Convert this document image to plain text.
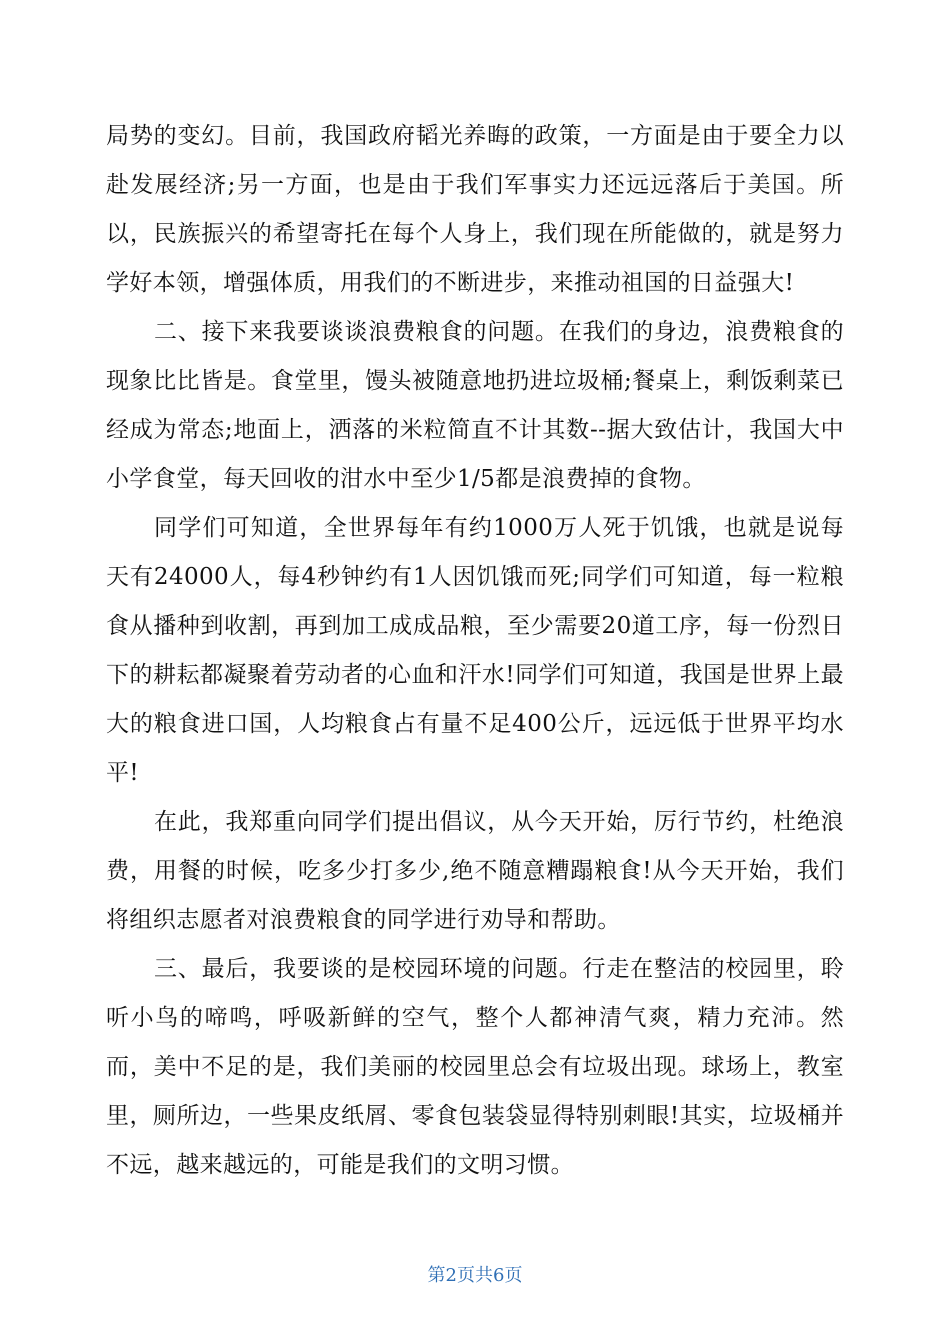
局势的变幻。目前，我国政府韬光养晦的政策，一方面是由于要全力以赴发展经济;另一方面，也是由于我们军事实力还远远落后于美国。所以，民族振兴的希望寄托在每个人身上，我们现在所能做的，就是努力学好本领，增强体质，用我们的不断进步，来推动祖国的日益强大!

二、接下来我要谈谈浪费粮食的问题。在我们的身边，浪费粮食的现象比比皆是。食堂里，馒头被随意地扔进垃圾桶;餐桌上，剩饭剩菜已经成为常态;地面上，洒落的米粒简直不计其数--据大致估计，我国大中小学食堂，每天回收的泔水中至少1/5都是浪费掉的食物。

同学们可知道，全世界每年有约1000万人死于饥饿，也就是说每天有24000人，每4秒钟约有1人因饥饿而死;同学们可知道，每一粒粮食从播种到收割，再到加工成成品粮，至少需要20道工序，每一份烈日下的耕耘都凝聚着劳动者的心血和汗水!同学们可知道，我国是世界上最大的粮食进口国，人均粮食占有量不足400公斤，远远低于世界平均水平!

在此，我郑重向同学们提出倡议，从今天开始，厉行节约，杜绝浪费，用餐的时候，吃多少打多少,绝不随意糟蹋粮食!从今天开始，我们将组织志愿者对浪费粮食的同学进行劝导和帮助。

三、最后，我要谈的是校园环境的问题。行走在整洁的校园里，聆听小鸟的啼鸣，呼吸新鲜的空气，整个人都神清气爽，精力充沛。然而，美中不足的是，我们美丽的校园里总会有垃圾出现。球场上，教室里，厕所边，一些果皮纸屑、零食包装袋显得特别刺眼!其实，垃圾桶并不远，越来越远的，可能是我们的文明习惯。

第2页共6页
